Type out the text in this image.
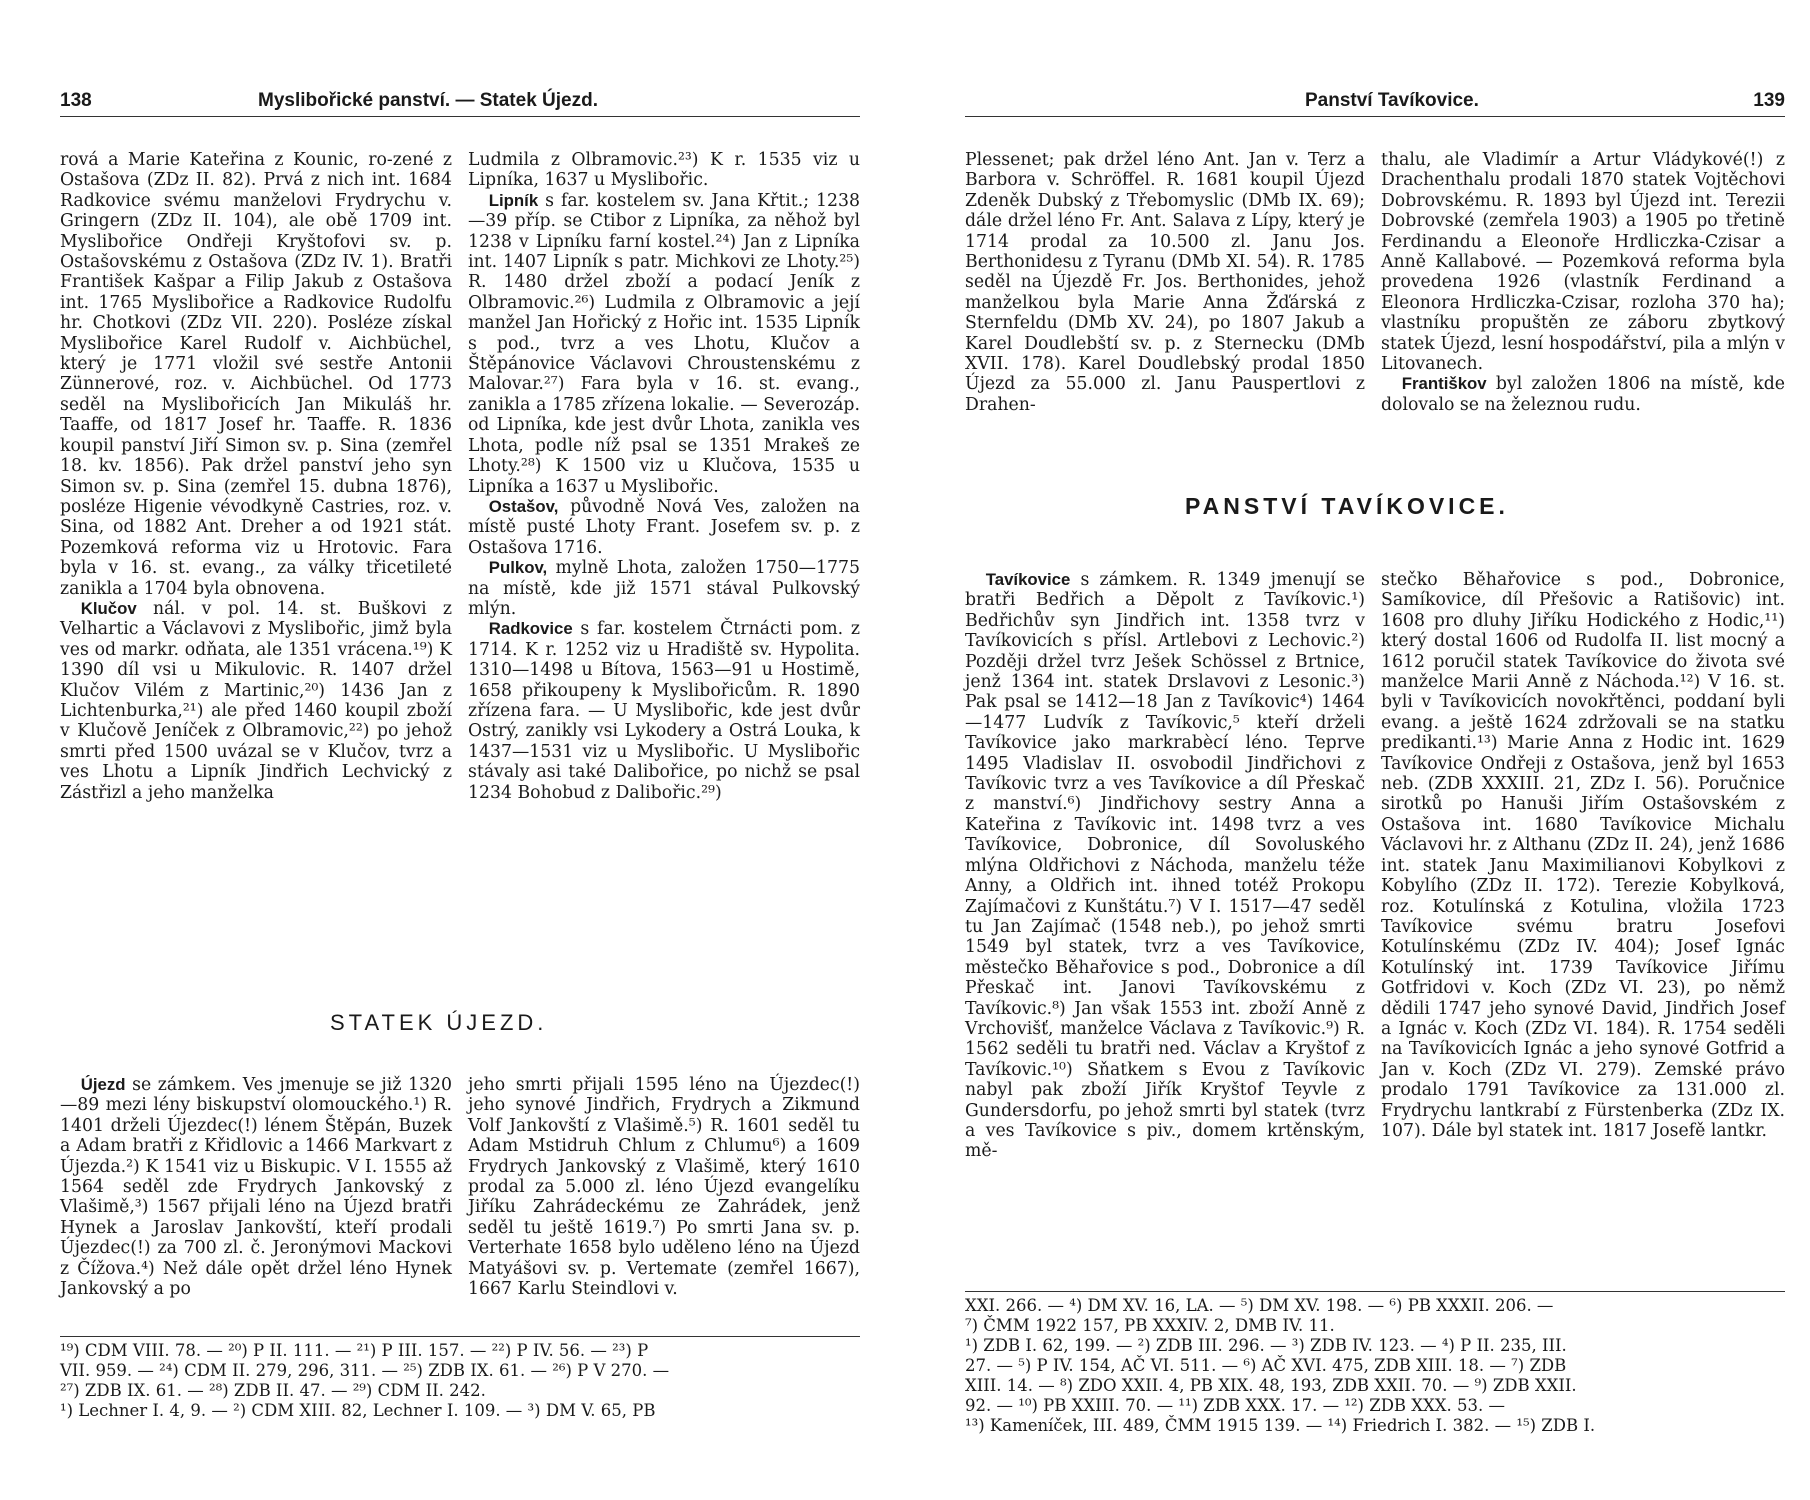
138	Myslibořické panství. — Statek Újezd.

rová a Marie Kateřina z Kounic, ro-zené z Ostašova (ZDz II. 82). Prvá z nich int. 1684 Radkovice svému manželovi Frydrychu v. Gringern (ZDz II. 104), ale obě 1709 int. Myslibořice Ondřeji Kryštofovi sv. p. Ostašovskému z Ostašova (ZDz IV. 1). Bratři František Kašpar a Filip Jakub z Ostašova int. 1765 Myslibořice a Radkovice Rudolfu hr. Chotkovi (ZDz VII. 220). Posléze získal Myslibořice Karel Rudolf v. Aichbüchel, který je 1771 vložil své sestře Antonii Zünnerové, roz. v. Aichbüchel. Od 1773 seděl na Myslibořicích Jan Mikuláš hr. Taaffe, od 1817 Josef hr. Taaffe. R. 1836 koupil panství Jiří Simon sv. p. Sina (zemřel 18. kv. 1856). Pak držel panství jeho syn Simon sv. p. Sina (zemřel 15. dubna 1876), posléze Higenie vévodkyně Castries, roz. v. Sina, od 1882 Ant. Dreher a od 1921 stát. Pozemková reforma viz u Hrotovic. Fara byla v 16. st. evang., za války třicetileté zanikla a 1704 byla obnovena.

Klučov nál. v pol. 14. st. Buškovi z Velhartic a Václavovi z Myslibořic, jimž byla ves od markr. odňata, ale 1351 vrácena.¹⁹) K 1390 díl vsi u Mikulovic. R. 1407 držel Klučov Vilém z Martinic,²⁰) 1436 Jan z Lichtenburka,²¹) ale před 1460 koupil zboží v Klučově Jeníček z Olbramovic,²²) po jehož smrti před 1500 uvázal se v Klučov, tvrz a ves Lhotu a Lipník Jindřich Lechvický z Zástřizl a jeho manželka

Ludmila z Olbramovic.²³) K r. 1535 viz u Lipníka, 1637 u Myslibořic.

Lipník s far. kostelem sv. Jana Křtit.; 1238—39 příp. se Ctibor z Lipníka, za něhož byl 1238 v Lipníku farní kostel.²⁴) Jan z Lipníka int. 1407 Lipník s patr. Michkovi ze Lhoty.²⁵) R. 1480 držel zboží a podací Jeník z Olbramovic.²⁶) Ludmila z Olbramovic a její manžel Jan Hořický z Hořic int. 1535 Lipník s pod., tvrz a ves Lhotu, Klučov a Štěpánovice Václavovi Chroustenskému z Malovar.²⁷) Fara byla v 16. st. evang., zanikla a 1785 zřízena lokalie. — Severozáp. od Lipníka, kde jest dvůr Lhota, zanikla ves Lhota, podle níž psal se 1351 Mrakeš ze Lhoty.²⁸) K 1500 viz u Klučova, 1535 u Lipníka a 1637 u Myslibořic.

Ostašov, původně Nová Ves, založen na místě pusté Lhoty Frant. Josefem sv. p. z Ostašova 1716.

Pulkov, mylně Lhota, založen 1750—1775 na místě, kde již 1571 stával Pulkovský mlýn.

Radkovice s far. kostelem Čtrnácti pom. z 1714. K r. 1252 viz u Hradiště sv. Hypolita. 1310—1498 u Bítova, 1563—91 u Hostimě, 1658 přikoupeny k Myslibořicům. R. 1890 zřízena fara. — U Myslibořic, kde jest dvůr Ostrý, zanikly vsi Lykodery a Ostrá Louka, k 1437—1531 viz u Myslibořic. U Myslibořic stávaly asi také Dalibořice, po nichž se psal 1234 Bohobud z Dalibořic.²⁹)

STATEK ÚJEZD.

Újezd se zámkem. Ves jmenuje se již 1320—89 mezi lény biskupství olomouckého.¹) R. 1401 drželi Újezdec(!) lénem Štěpán, Buzek a Adam bratři z Křidlovic a 1466 Markvart z Újezda.²) K 1541 viz u Biskupic. V I. 1555 až 1564 seděl zde Frydrych Jankovský z Vlašimě,³) 1567 přijali léno na Újezd bratři Hynek a Jaroslav Jankovští, kteří prodali Újezdec(!) za 700 zl. č. Jeronýmovi Mackovi z Čížova.⁴) Než dále opět držel léno Hynek Jankovský a po

jeho smrti přijali 1595 léno na Újezdec(!) jeho synové Jindřich, Frydrych a Zikmund Volf Jankovští z Vlašimě.⁵) R. 1601 seděl tu Adam Mstidruh Chlum z Chlumu⁶) a 1609 Frydrych Jankovský z Vlašimě, který 1610 prodal za 5.000 zl. léno Újezd evangelíku Jiříku Zahrádeckému ze Zahrádek, jenž seděl tu ještě 1619.⁷) Po smrti Jana sv. p. Verterhate 1658 bylo uděleno léno na Újezd Matyášovi sv. p. Vertemate (zemřel 1667), 1667 Karlu Steindlovi v.

¹⁹) CDM VIII. 78. — ²⁰) P II. 111. — ²¹) P III. 157. — ²²) P IV. 56. — ²³) P
VII. 959. — ²⁴) CDM II. 279, 296, 311. — ²⁵) ZDB IX. 61. — ²⁶) P V 270. —
²⁷) ZDB IX. 61. — ²⁸) ZDB II. 47. — ²⁹) CDM II. 242.
¹) Lechner I. 4, 9. — ²) CDM XIII. 82, Lechner I. 109. — ³) DM V. 65, PB
Panství Tavíkovice.	139

Plessenet; pak držel léno Ant. Jan v. Terz a Barbora v. Schröffel. R. 1681 koupil Újezd Zdeněk Dubský z Třebomyslic (DMb IX. 69); dále držel léno Fr. Ant. Salava z Lípy, který je 1714 prodal za 10.500 zl. Janu Jos. Berthonidesu z Tyranu (DMb XI. 54). R. 1785 seděl na Újezdě Fr. Jos. Berthonides, jehož manželkou byla Marie Anna Žďárská z Sternfeldu (DMb XV. 24), po 1807 Jakub a Karel Doudlebští sv. p. z Sternecku (DMb XVII. 178). Karel Doudlebský prodal 1850 Újezd za 55.000 zl. Janu Pauspertlovi z Drahen-

thalu, ale Vladimír a Artur Vládykové(!) z Drachenthalu prodali 1870 statek Vojtěchovi Dobrovskému. R. 1893 byl Újezd int. Terezii Dobrovské (zemřela 1903) a 1905 po třetině Ferdinandu a Eleonoře Hrdliczka-Czisar a Anně Kallabové. — Pozemková reforma byla provedena 1926 (vlastník Ferdinand a Eleonora Hrdliczka-Czisar, rozloha 370 ha); vlastníku propuštěn ze záboru zbytkový statek Újezd, lesní hospodářství, pila a mlýn v Litovanech.

Františkov byl založen 1806 na místě, kde dolovalo se na železnou rudu.

PANSTVÍ TAVÍKOVICE.

Tavíkovice s zámkem. R. 1349 jmenují se bratři Bedřich a Děpolt z Tavíkovic.¹) Bedřichův syn Jindřich int. 1358 tvrz v Tavíkovicích s přísl. Artlebovi z Lechovic.²) Později držel tvrz Ješek Schössel z Brtnice, jenž 1364 int. statek Drslavovi z Lesonic.³) Pak psal se 1412—18 Jan z Tavíkovic⁴) 1464—1477 Ludvík z Tavíkovic,⁵ kteří drželi Tavíkovice jako markrabècí léno. Teprve 1495 Vladislav II. osvobodil Jindřichovi z Tavíkovic tvrz a ves Tavíkovice a díl Přeskač z manství.⁶) Jindřichovy sestry Anna a Kateřina z Tavíkovic int. 1498 tvrz a ves Tavíkovice, Dobronice, díl Sovoluského mlýna Oldřichovi z Náchoda, manželu téže Anny, a Oldřich int. ihned totéž Prokopu Zajímačovi z Kunštátu.⁷) V I. 1517—47 seděl tu Jan Zajímač (1548 neb.), po jehož smrti 1549 byl statek, tvrz a ves Tavíkovice, městečko Běhařovice s pod., Dobronice a díl Přeskač int. Janovi Tavíkovskému z Tavíkovic.⁸) Jan však 1553 int. zboží Anně z Vrchovišť, manželce Václava z Tavíkovic.⁹) R. 1562 seděli tu bratři ned. Václav a Kryštof z Tavíkovic.¹⁰) Sňatkem s Evou z Tavíkovic nabyl pak zboží Jiřík Kryštof Teyvle z Gundersdorfu, po jehož smrti byl statek (tvrz a ves Tavíkovice s piv., domem krtěnským, mě-

stečko Běhařovice s pod., Dobronice, Samíkovice, díl Přešovic a Ratišovic) int. 1608 pro dluhy Jiříku Hodického z Hodic,¹¹) který dostal 1606 od Rudolfa II. list mocný a 1612 poručil statek Tavíkovice do života své manželce Marii Anně z Náchoda.¹²) V 16. st. byli v Tavíkovicích novokřtěnci, poddaní byli evang. a ještě 1624 zdržovali se na statku predikanti.¹³) Marie Anna z Hodic int. 1629 Tavíkovice Ondřeji z Ostašova, jenž byl 1653 neb. (ZDB XXXIII. 21, ZDz I. 56). Poručnice sirotků po Hanuši Jiřím Ostašovském z Ostašova int. 1680 Tavíkovice Michalu Václavovi hr. z Althanu (ZDz II. 24), jenž 1686 int. statek Janu Maximilianovi Kobylkovi z Kobylího (ZDz II. 172). Terezie Kobylková, roz. Kotulínská z Kotulina, vložila 1723 Tavíkovice svému bratru Josefovi Kotulínskému (ZDz IV. 404); Josef Ignác Kotulínský int. 1739 Tavíkovice Jiřímu Gotfridovi v. Koch (ZDz VI. 23), po němž dědili 1747 jeho synové David, Jindřich Josef a Ignác v. Koch (ZDz VI. 184). R. 1754 seděli na Tavíkovicích Ignác a jeho synové Gotfrid a Jan v. Koch (ZDz VI. 279). Zemské právo prodalo 1791 Tavíkovice za 131.000 zl. Frydrychu lantkrabí z Fürstenberka (ZDz IX. 107). Dále byl statek int. 1817 Josefě lantkr.

XXI. 266. — ⁴) DM XV. 16, LA. — ⁵) DM XV. 198. — ⁶) PB XXXII. 206. —
⁷) ČMM 1922 157, PB XXXIV. 2, DMB IV. 11.
¹) ZDB I. 62, 199. — ²) ZDB III. 296. — ³) ZDB IV. 123. — ⁴) P II. 235, III.
27. — ⁵) P IV. 154, AČ VI. 511. — ⁶) AČ XVI. 475, ZDB XIII. 18. — ⁷) ZDB
XIII. 14. — ⁸) ZDO XXII. 4, PB XIX. 48, 193, ZDB XXII. 70. — ⁹) ZDB XXII.
92. — ¹⁰) PB XXIII. 70. — ¹¹) ZDB XXX. 17. — ¹²) ZDB XXX. 53. —
¹³) Kameníček, III. 489, ČMM 1915 139. — ¹⁴) Friedrich I. 382. — ¹⁵) ZDB I.
